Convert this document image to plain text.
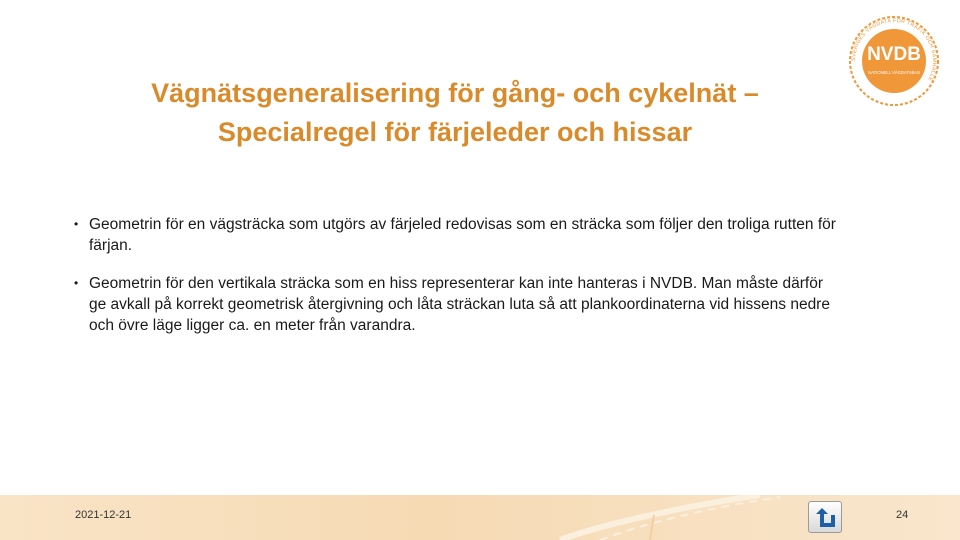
Vägnätsgeneralisering för gång- och cykelnät –
Specialregel för färjeleder och hissar
SVERIGES VÄGDATA FÖR TRAFIK OCH SAMHÄLLE
NVDB
NATIONELL VÄGDATABAS
• Geometrin för en vägsträcka som utgörs av färjeled redovisas som en sträcka som följer den troliga rutten för färjan.
• Geometrin för den vertikala sträcka som en hiss representerar kan inte hanteras i NVDB. Man måste därför ge avkall på korrekt geometrisk återgivning och låta sträckan luta så att plankoordinaterna vid hissens nedre och övre läge ligger ca. en meter från varandra.
2021-12-21	24
